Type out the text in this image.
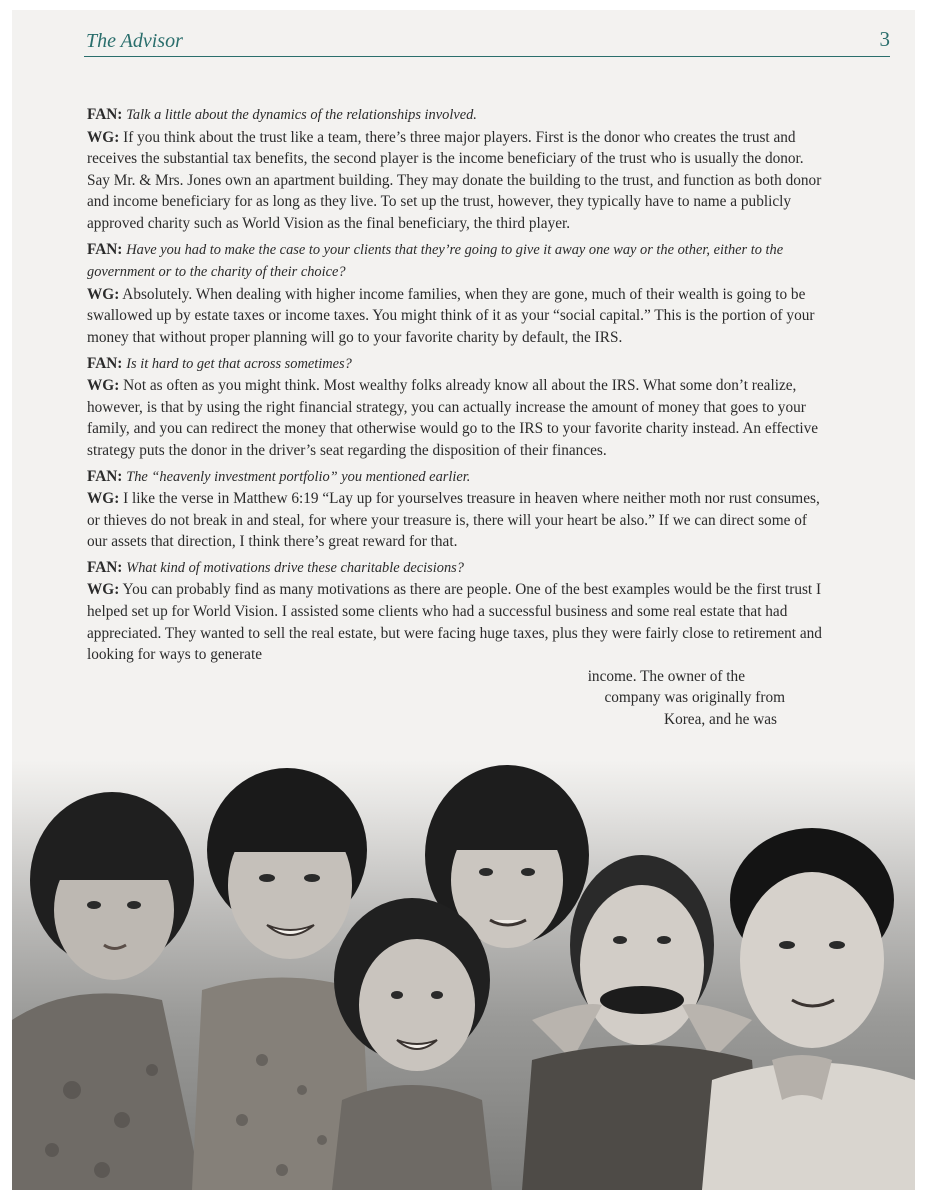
The Advisor	3
FAN: Talk a little about the dynamics of the relationships involved.
WG: If you think about the trust like a team, there’s three major players. First is the donor who creates the trust and receives the substantial tax benefits, the second player is the income beneficiary of the trust who is usually the donor. Say Mr. & Mrs. Jones own an apartment building. They may donate the building to the trust, and function as both donor and income beneficiary for as long as they live. To set up the trust, however, they typically have to name a publicly approved charity such as World Vision as the final beneficiary, the third player.
FAN: Have you had to make the case to your clients that they’re going to give it away one way or the other, either to the government or to the charity of their choice?
WG: Absolutely. When dealing with higher income families, when they are gone, much of their wealth is going to be swallowed up by estate taxes or income taxes. You might think of it as your “social capital.” This is the portion of your money that without proper planning will go to your favorite charity by default, the IRS.
FAN: Is it hard to get that across sometimes?
WG: Not as often as you might think. Most wealthy folks already know all about the IRS. What some don’t realize, however, is that by using the right financial strategy, you can actually increase the amount of money that goes to your family, and you can redirect the money that otherwise would go to the IRS to your favorite charity instead. An effective strategy puts the donor in the driver’s seat regarding the disposition of their finances.
FAN: The “heavenly investment portfolio” you mentioned earlier.
WG: I like the verse in Matthew 6:19 “Lay up for yourselves treasure in heaven where neither moth nor rust consumes, or thieves do not break in and steal, for where your treasure is, there will your heart be also.” If we can direct some of our assets that direction, I think there’s great reward for that.
FAN: What kind of motivations drive these charitable decisions?
WG: You can probably find as many motivations as there are people. One of the best examples would be the first trust I helped set up for World Vision. I assisted some clients who had a successful business and some real estate that had appreciated. They wanted to sell the real estate, but were facing huge taxes, plus they were fairly close to retirement and looking for ways to generate
income. The owner of the
company was originally from
Korea, and he was
